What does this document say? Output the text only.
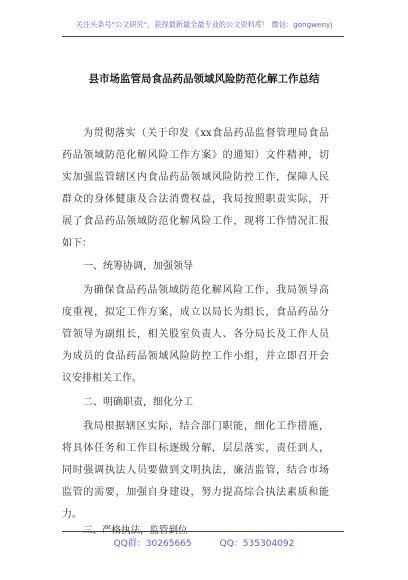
关注头条号"公文研究"，获得最新最全最专业的公文资料库！ 微信：gongwenyj
县市场监管局食品药品领域风险防范化解工作总结
为贯彻落实（关于印发《xx食品药品监督管理局食品
药品领域防范化解风险工作方案》的通知）文件精神，切
实加强监管辖区内食品药品领域风险防控工作，保障人民
群众的身体健康及合法消费权益，我局按照职责实际，开
展了食品药品领域防范化解风险工作，现将工作情况汇报
如下：
一、统筹协调，加强领导
为确保食品药品领域防范化解风险工作，我局领导高
度重视，拟定工作方案，成立以局长为组长，食品药品分
管领导为副组长，相关股室负责人、各分局长及工作人员
为成员的食品药品领域风险防控工作小组，并立即召开会
议安排相关工作。
二、明确职责，细化分工
我局根据辖区实际，结合部门职能，细化工作措施，
将具体任务和工作目标逐级分解，层层落实，责任到人，
同时强调执法人员要做到文明执法，廉洁监管，结合市场
监管的需要，加强自身建设，努力提高综合执法素质和能
力。
三、严格执法，监管到位
QQ群：30265665	QQ：535304092
